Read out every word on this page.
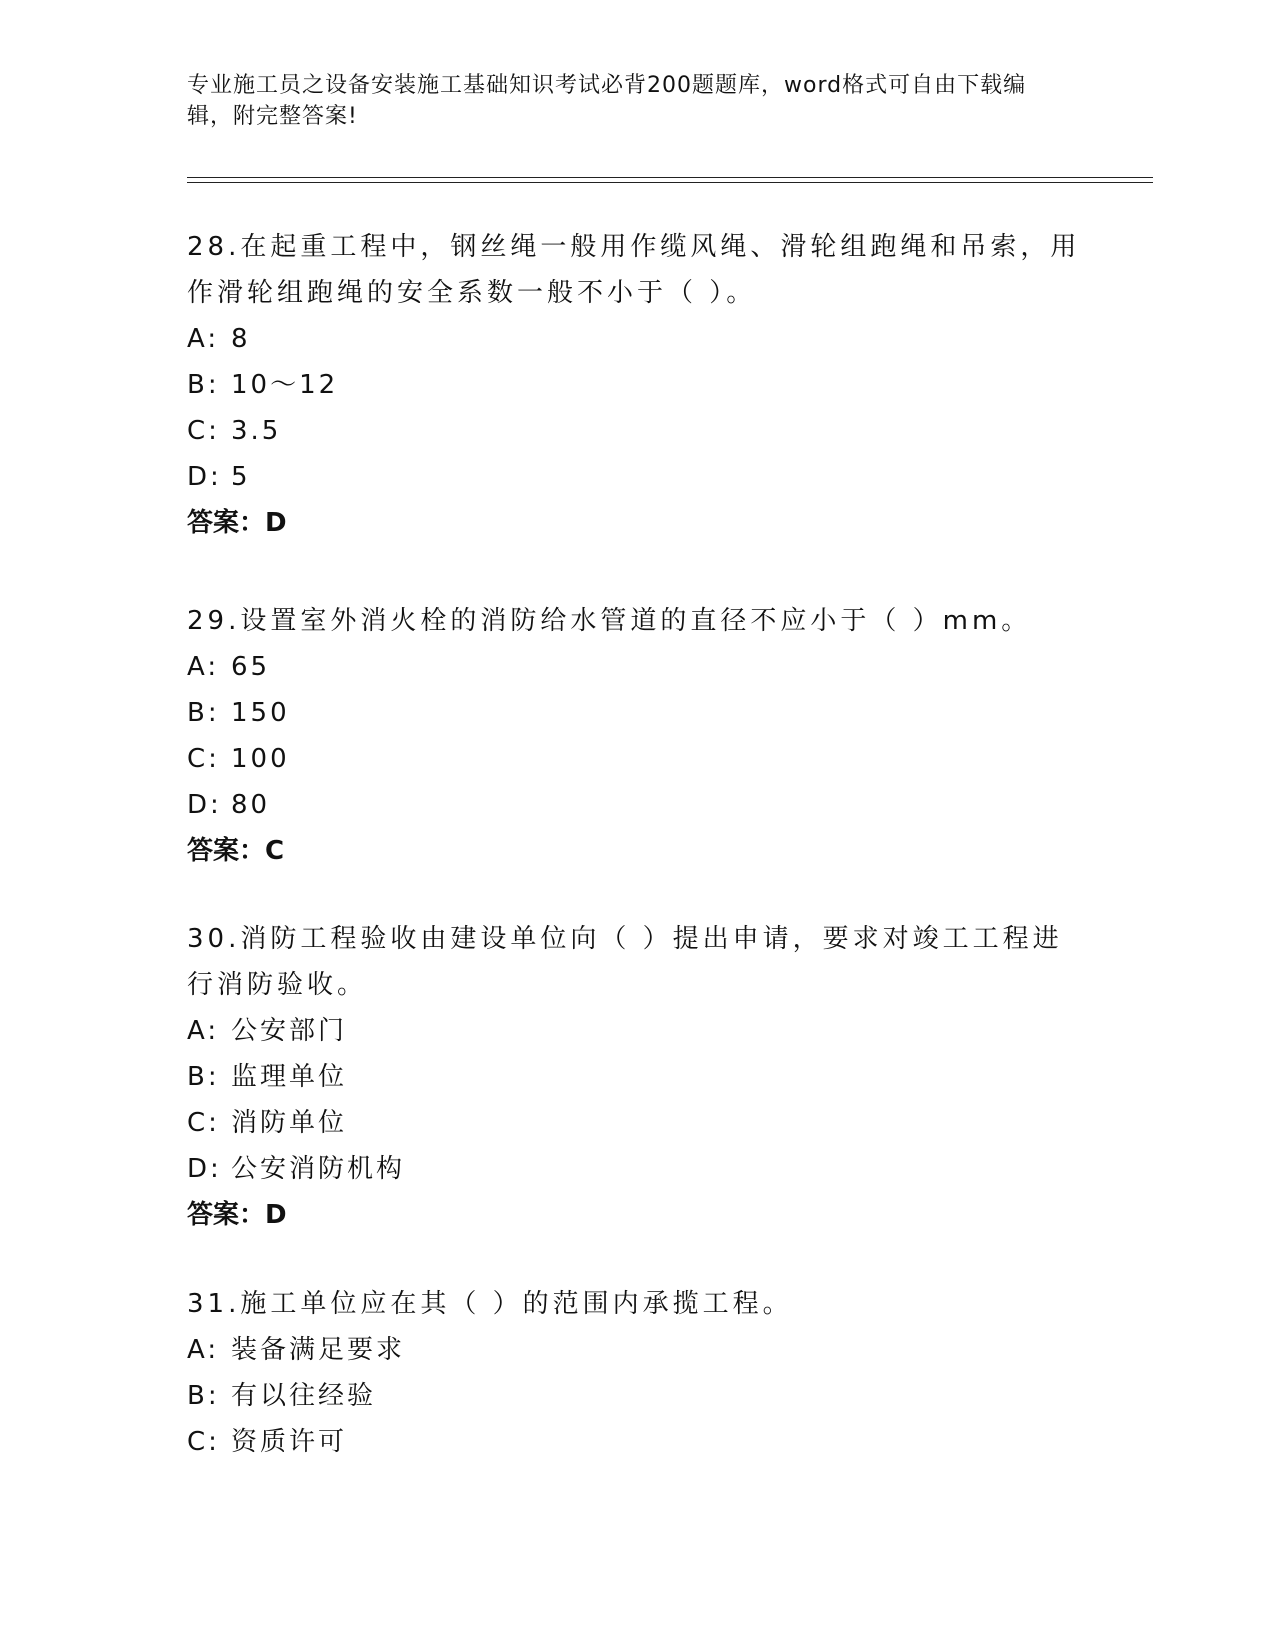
专业施工员之设备安装施工基础知识考试必背200题题库，word格式可自由下载编辑，附完整答案!

28.在起重工程中，钢丝绳一般用作缆风绳、滑轮组跑绳和吊索，用作滑轮组跑绳的安全系数一般不小于（ ）。

A: 8

B: 10～12

C: 3.5

D: 5

答案：D

29.设置室外消火栓的消防给水管道的直径不应小于（ ）mm。

A: 65

B: 150

C: 100

D: 80

答案：C

30.消防工程验收由建设单位向（ ）提出申请，要求对竣工工程进行消防验收。

A: 公安部门

B: 监理单位

C: 消防单位

D: 公安消防机构

答案：D

31.施工单位应在其（ ）的范围内承揽工程。

A: 装备满足要求

B: 有以往经验

C: 资质许可
